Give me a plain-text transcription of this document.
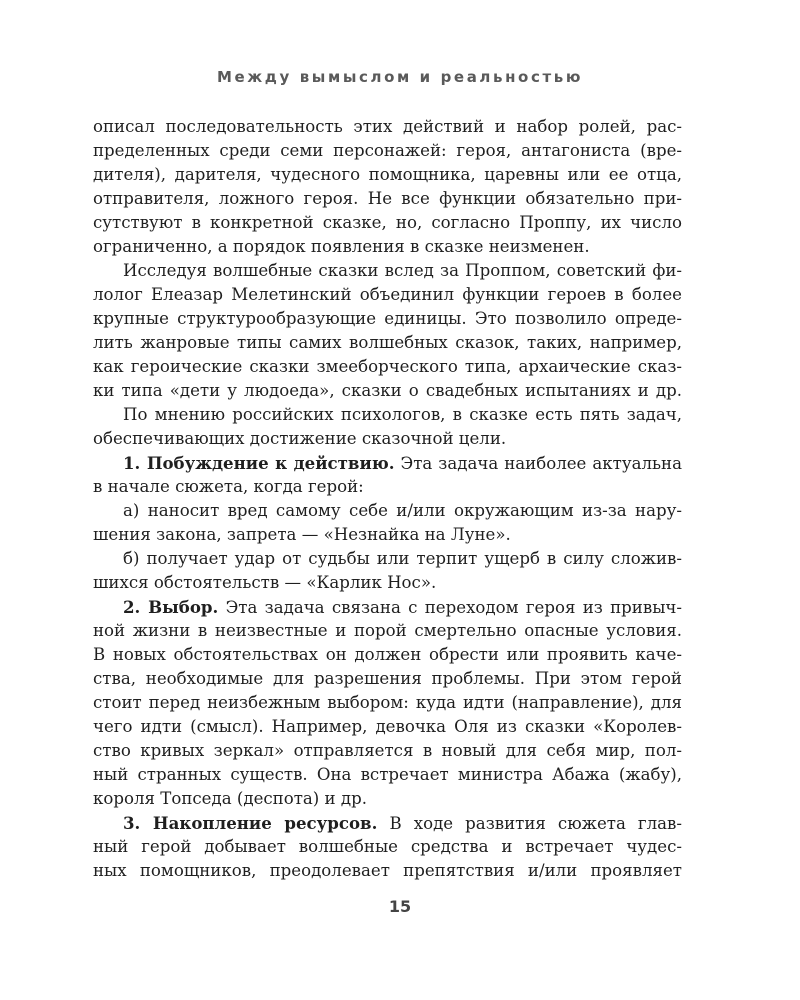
Между вымыслом и реальностью
описал последовательность этих действий и набор ролей, рас-
пределенных среди семи персонажей: героя, антагониста (вре-
дителя), дарителя, чудесного помощника, царевны или ее отца,
отправителя, ложного героя. Не все функции обязательно при-
сутствуют в конкретной сказке, но, согласно Проппу, их число
ограниченно, а порядок появления в сказке неизменен.
Исследуя волшебные сказки вслед за Проппом, советский фи-
лолог Елеазар Мелетинский объединил функции героев в более
крупные структурообразующие единицы. Это позволило опреде-
лить жанровые типы самих волшебных сказок, таких, например,
как героические сказки змееборческого типа, архаические сказ-
ки типа «дети у людоеда», сказки о свадебных испытаниях и др.
По мнению российских психологов, в сказке есть пять задач,
обеспечивающих достижение сказочной цели.
1. Побуждение к действию. Эта задача наиболее актуальна
в начале сюжета, когда герой:
а) наносит вред самому себе и/или окружающим из-за нару-
шения закона, запрета — «Незнайка на Луне».
б) получает удар от судьбы или терпит ущерб в силу сложив-
шихся обстоятельств — «Карлик Нос».
2. Выбор. Эта задача связана с переходом героя из привыч-
ной жизни в неизвестные и порой смертельно опасные условия.
В новых обстоятельствах он должен обрести или проявить каче-
ства, необходимые для разрешения проблемы. При этом герой
стоит перед неизбежным выбором: куда идти (направление), для
чего идти (смысл). Например, девочка Оля из сказки «Королев-
ство кривых зеркал» отправляется в новый для себя мир, пол-
ный странных существ. Она встречает министра Абажа (жабу),
короля Топседа (деспота) и др.
3. Накопление ресурсов. В ходе развития сюжета глав-
ный герой добывает волшебные средства и встречает чудес-
ных помощников, преодолевает препятствия и/или проявляет
15
